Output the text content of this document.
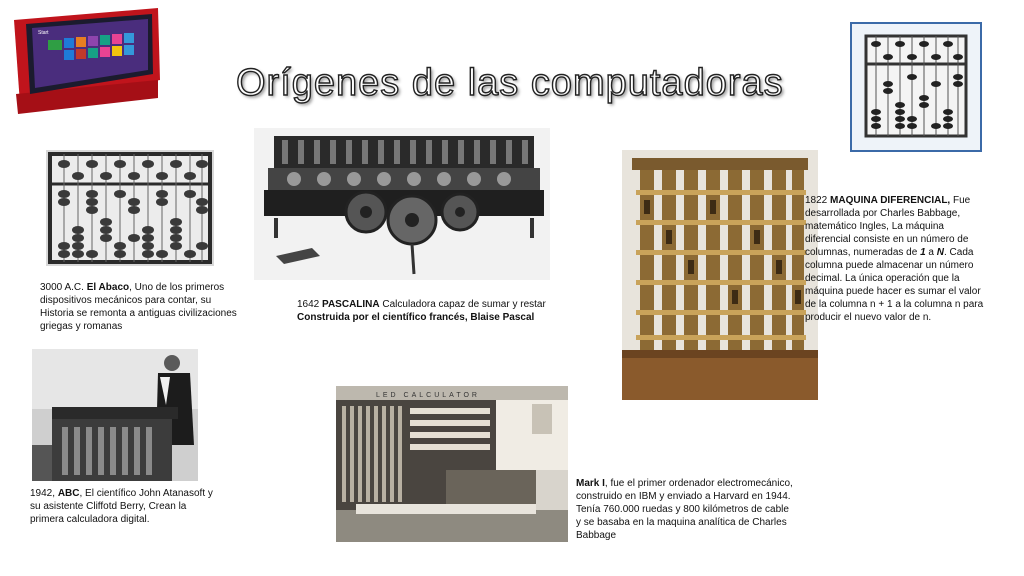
Start
Orígenes de las computadoras
3000 A.C. El Abaco, Uno de los primeros dispositivos mecánicos para contar, su Historia se remonta a antiguas civilizaciones griegas y romanas
1642 PASCALINA Calculadora capaz de sumar y restar
Construida por el científico francés, Blaise Pascal
1822 MAQUINA DIFERENCIAL, Fue desarrollada por Charles Babbage, matemático Ingles, La máquina diferencial consiste en un número de columnas, numeradas de 1 a N. Cada columna puede almacenar un número decimal. La única operación que la máquina puede hacer es sumar el valor de la columna n + 1 a la columna n para producir el nuevo valor de n.
1942, ABC, El científico John Atanasoft y su asistente Cliffotd Berry, Crean la primera calculadora digital.
LED CALCULATOR
Mark I, fue el primer ordenador electromecánico,
construido en IBM y enviado a Harvard en 1944.
Tenía 760.000 ruedas y 800 kilómetros de cable
y se basaba en la maquina analítica de Charles Babbage
